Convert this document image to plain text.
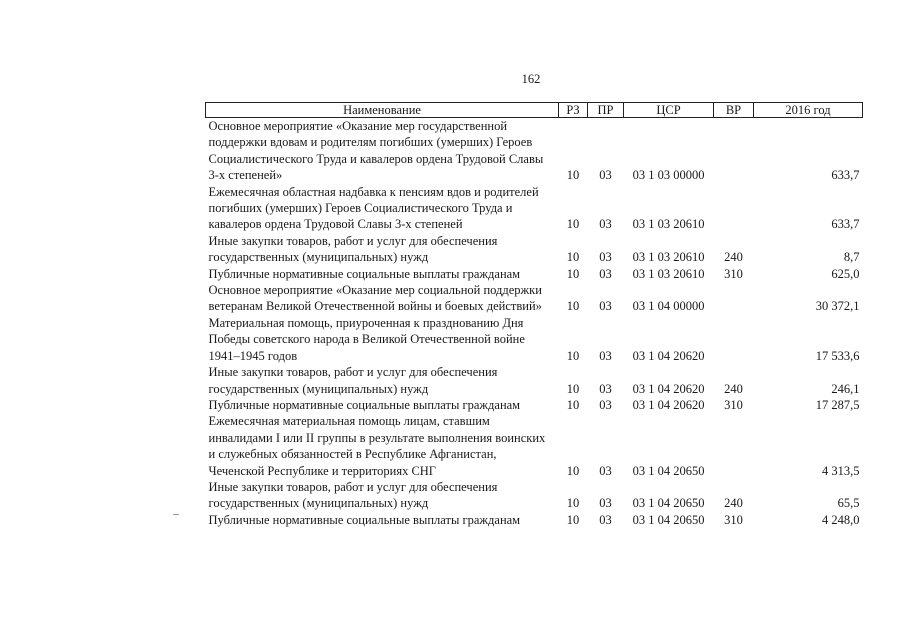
162
Наименование	РЗ	ПР	ЦСР	ВР	2016 год
Основное мероприятие «Оказание мер государственной поддержки вдовам и родителям погибших (умерших) Героев Социалистического Труда и кавалеров ордена Трудовой Славы 3-х степеней»	10	03	03 1 03 00000		633,7
Ежемесячная областная надбавка к пенсиям вдов и родителей погибших (умерших) Героев Социалистического Труда и кавалеров ордена Трудовой Славы 3-х степеней	10	03	03 1 03 20610		633,7
Иные закупки товаров, работ и услуг для обеспечения государственных (муниципальных) нужд	10	03	03 1 03 20610	240	8,7
Публичные нормативные социальные выплаты гражданам	10	03	03 1 03 20610	310	625,0
Основное мероприятие «Оказание мер социальной поддержки ветеранам Великой Отечественной войны и боевых действий»	10	03	03 1 04 00000		30 372,1
Материальная помощь, приуроченная к празднованию Дня Победы советского народа в Великой Отечественной войне 1941–1945 годов	10	03	03 1 04 20620		17 533,6
Иные закупки товаров, работ и услуг для обеспечения государственных (муниципальных) нужд	10	03	03 1 04 20620	240	246,1
Публичные нормативные социальные выплаты гражданам	10	03	03 1 04 20620	310	17 287,5
Ежемесячная материальная помощь лицам, ставшим инвалидами I или II группы в результате выполнения воинских и служебных обязанностей в Республике Афганистан, Чеченской Республике и территориях СНГ	10	03	03 1 04 20650		4 313,5
Иные закупки товаров, работ и услуг для обеспечения государственных (муниципальных) нужд	10	03	03 1 04 20650	240	65,5
Публичные нормативные социальные выплаты гражданам	10	03	03 1 04 20650	310	4 248,0
